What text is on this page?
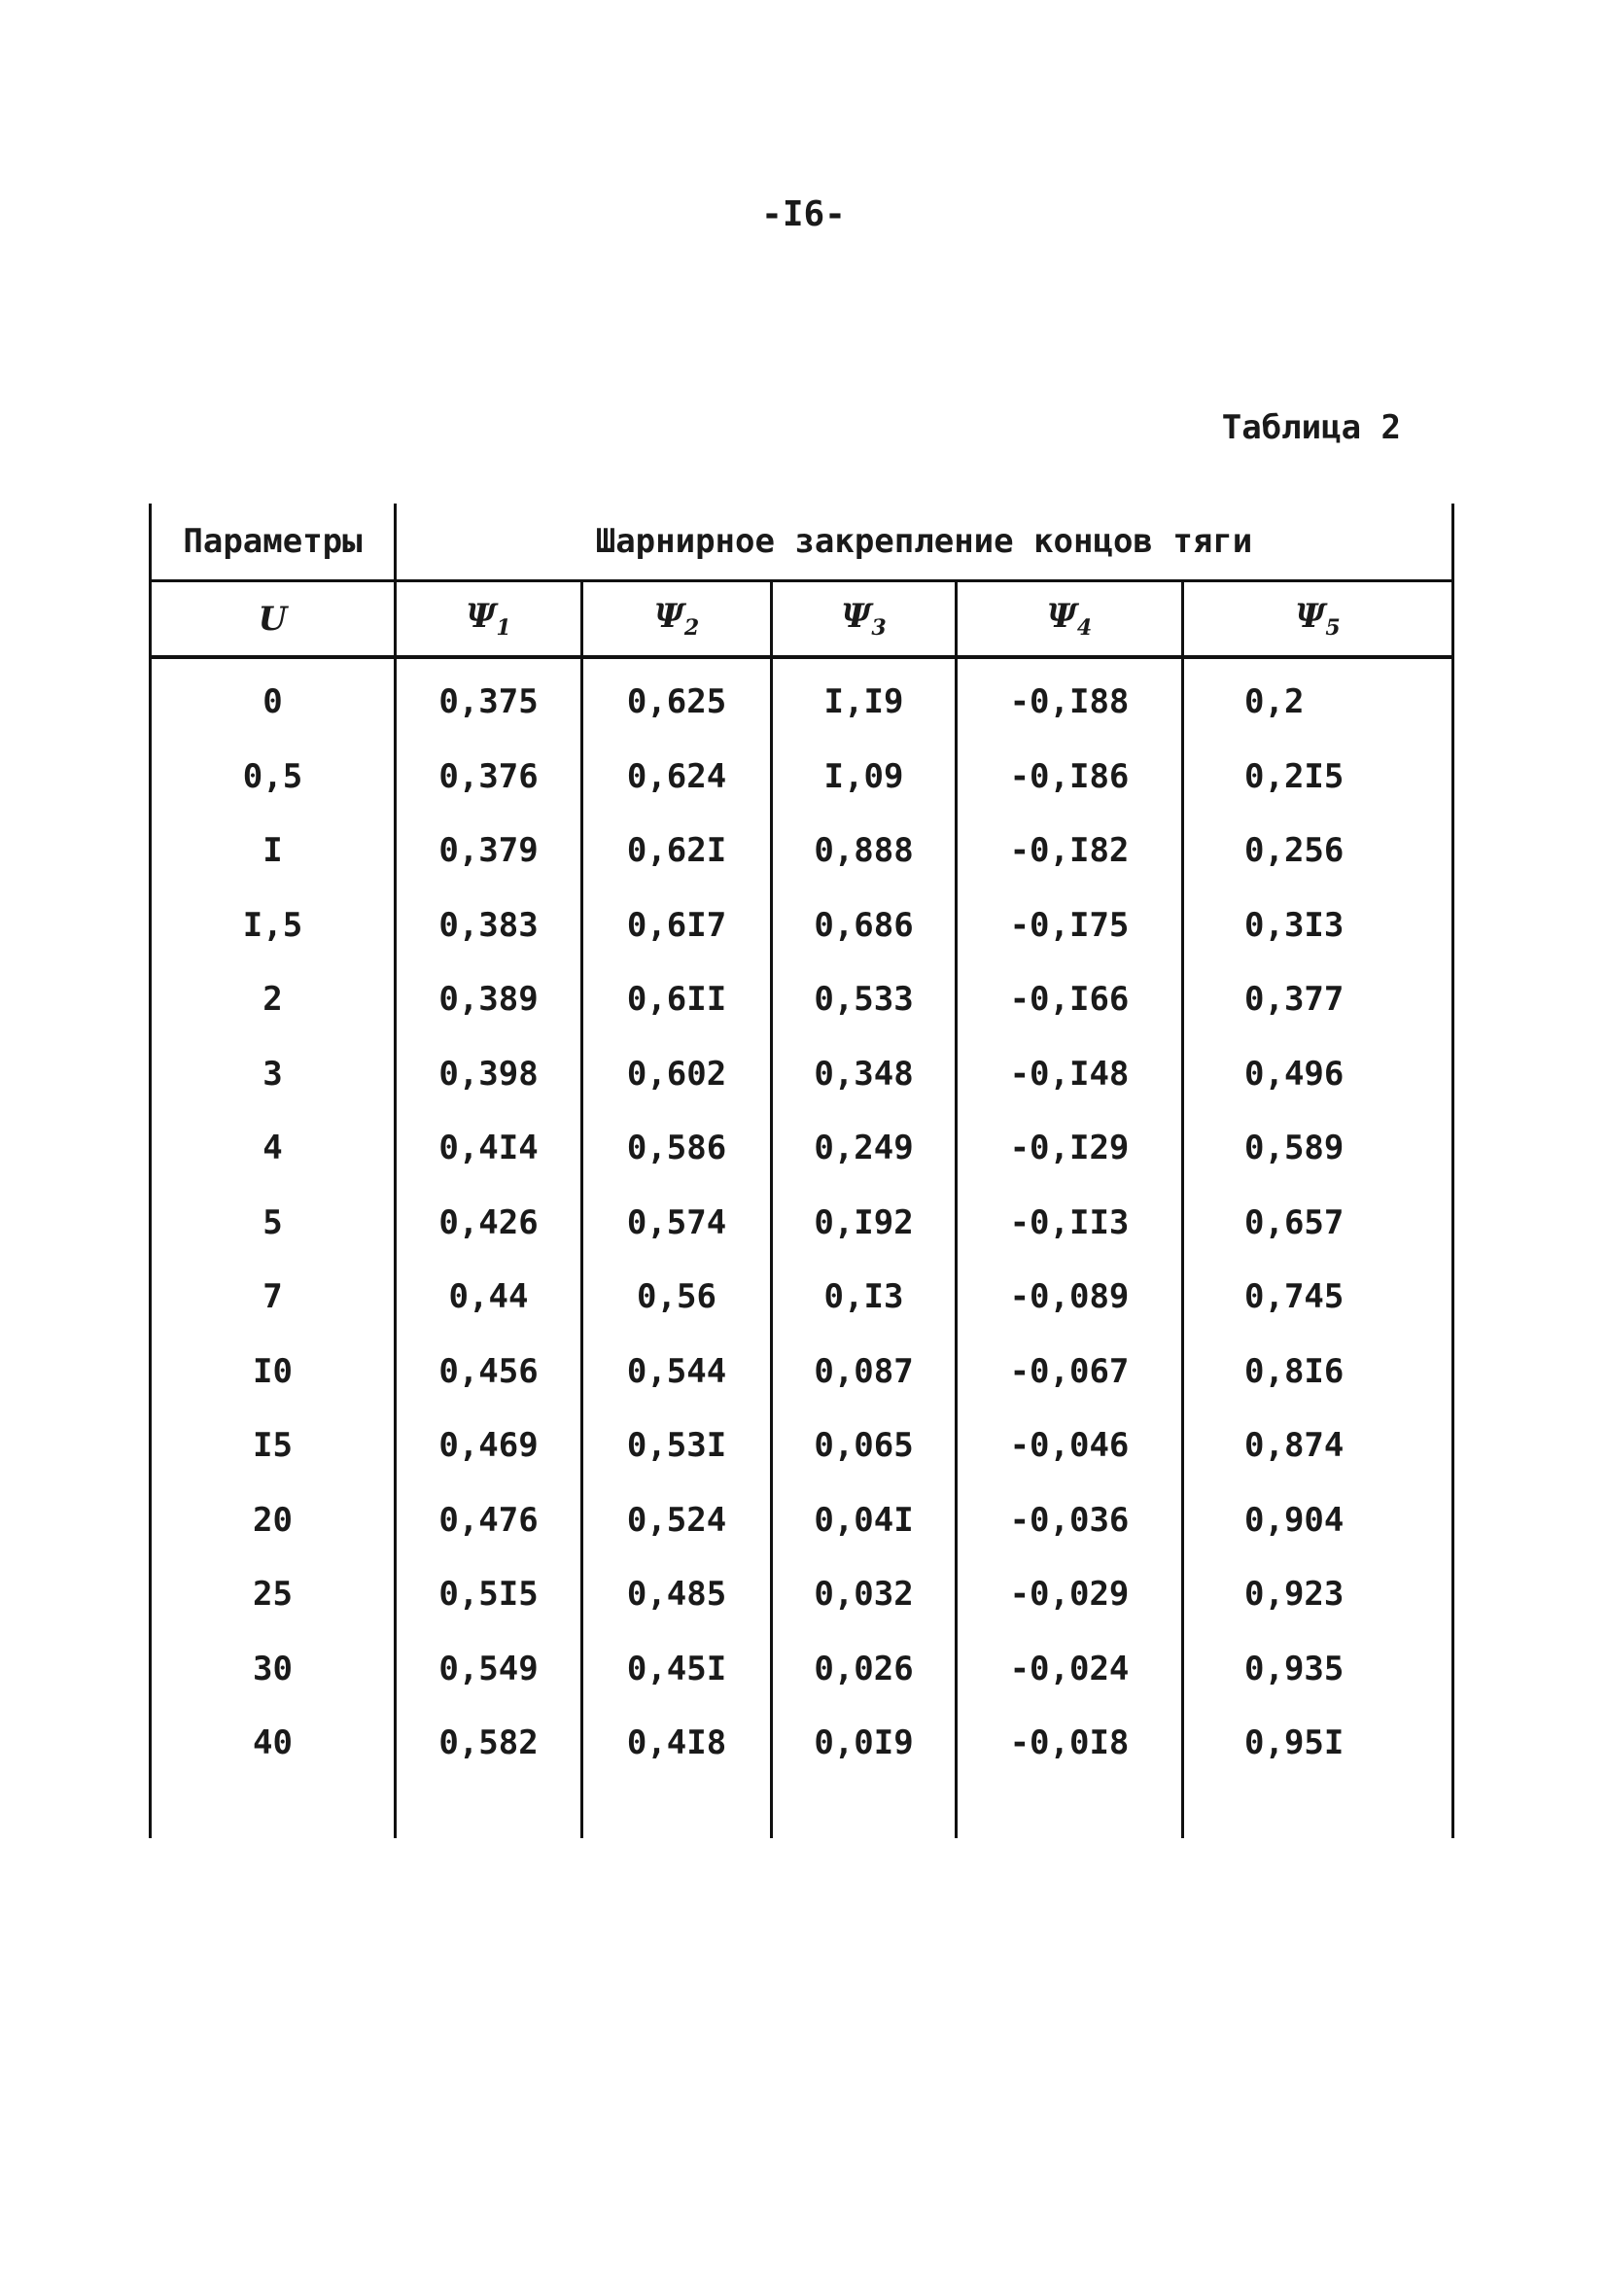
-I6-
Таблица 2
Параметры	Шарнирное закрепление концов тяги				
U	$\Psi_1$	$\Psi_2$	$\Psi_3$	$\Psi_4$	$\Psi_5$
0	0,375	0,625	I,I9	-0,I88	0,2
0,5	0,376	0,624	I,09	-0,I86	0,2I5
I	0,379	0,62I	0,888	-0,I82	0,256
I,5	0,383	0,6I7	0,686	-0,I75	0,3I3
2	0,389	0,6II	0,533	-0,I66	0,377
3	0,398	0,602	0,348	-0,I48	0,496
4	0,4I4	0,586	0,249	-0,I29	0,589
5	0,426	0,574	0,I92	-0,II3	0,657
7	0,44	0,56	0,I3	-0,089	0,745
I0	0,456	0,544	0,087	-0,067	0,8I6
I5	0,469	0,53I	0,065	-0,046	0,874
20	0,476	0,524	0,04I	-0,036	0,904
25	0,5I5	0,485	0,032	-0,029	0,923
30	0,549	0,45I	0,026	-0,024	0,935
40	0,582	0,4I8	0,0I9	-0,0I8	0,95I
